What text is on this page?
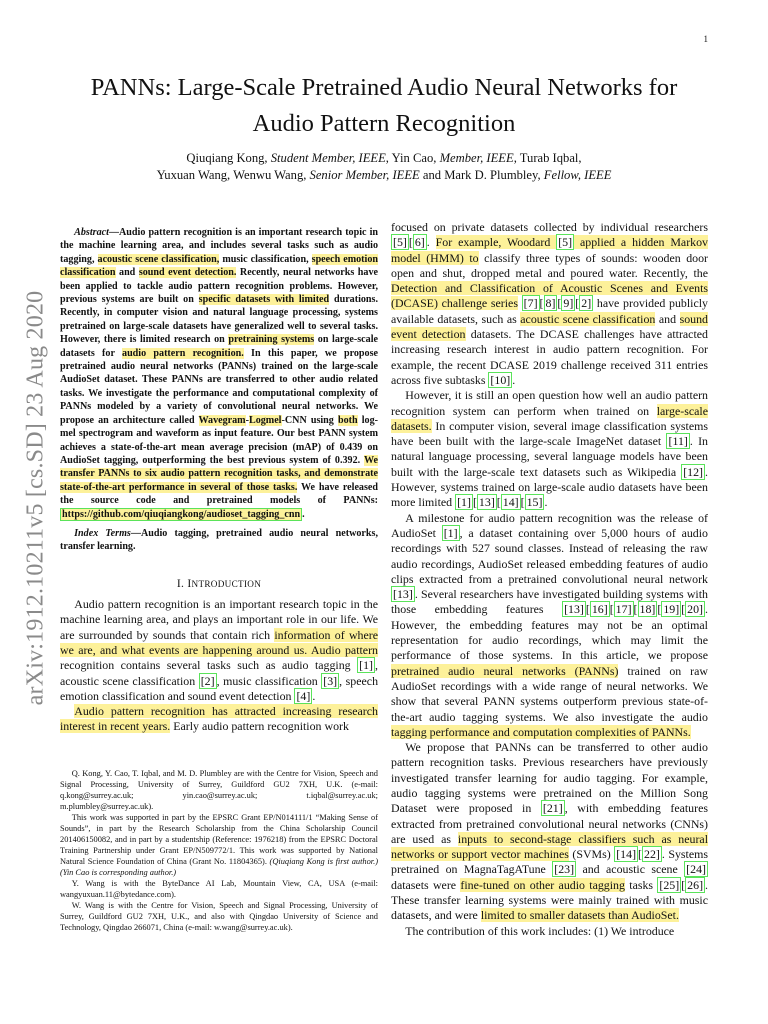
1
arXiv:1912.10211v5 [cs.SD] 23 Aug 2020
PANNs: Large-Scale Pretrained Audio Neural Networks for Audio Pattern Recognition
Qiuqiang Kong, Student Member, IEEE, Yin Cao, Member, IEEE, Turab Iqbal,
Yuxuan Wang, Wenwu Wang, Senior Member, IEEE and Mark D. Plumbley, Fellow, IEEE
Abstract—Audio pattern recognition is an important research topic in the machine learning area, and includes several tasks such as audio tagging, acoustic scene classification, music classification, speech emotion classification and sound event detection. Recently, neural networks have been applied to tackle audio pattern recognition problems. However, previous systems are built on specific datasets with limited durations. Recently, in computer vision and natural language processing, systems pretrained on large-scale datasets have generalized well to several tasks. However, there is limited research on pretraining systems on large-scale datasets for audio pattern recognition. In this paper, we propose pretrained audio neural networks (PANNs) trained on the large-scale AudioSet dataset. These PANNs are transferred to other audio related tasks. We investigate the performance and computational complexity of PANNs modeled by a variety of convolutional neural networks. We propose an architecture called Wavegram-Logmel-CNN using both log-mel spectrogram and waveform as input feature. Our best PANN system achieves a state-of-the-art mean average precision (mAP) of 0.439 on AudioSet tagging, outperforming the best previous system of 0.392. We transfer PANNs to six audio pattern recognition tasks, and demonstrate state-of-the-art performance in several of those tasks. We have released the source code and pretrained models of PANNs: https://github.com/qiuqiangkong/audioset_tagging_cnn .
Index Terms—Audio tagging, pretrained audio neural networks, transfer learning.
I. INTRODUCTION

Audio pattern recognition is an important research topic in the machine learning area, and plays an important role in our life. We are surrounded by sounds that contain rich information of where we are, and what events are happening around us. Audio pattern recognition contains several tasks such as audio tagging [1] , acoustic scene classification [2] , music classification [3] , speech emotion classification and sound event detection [4] .

Audio pattern recognition has attracted increasing research interest in recent years. Early audio pattern recognition work

Q. Kong, Y. Cao, T. Iqbal, and M. D. Plumbley are with the Centre for Vision, Speech and Signal Processing, University of Surrey, Guildford GU2 7XH, U.K. (e-mail: q.kong@surrey.ac.uk; yin.cao@surrey.ac.uk; t.iqbal@surrey.ac.uk; m.plumbley@surrey.ac.uk).

This work was supported in part by the EPSRC Grant EP/N014111/1 “Making Sense of Sounds”, in part by the Research Scholarship from the China Scholarship Council 201406150082, and in part by a studentship (Reference: 1976218) from the EPSRC Doctoral Training Partnership under Grant EP/N509772/1. This work was supported by National Natural Science Foundation of China (Grant No. 11804365). (Qiuqiang Kong is first author.) (Yin Cao is corresponding author.)

Y. Wang is with the ByteDance AI Lab, Mountain View, CA, USA (e-mail: wangyuxuan.11@bytedance.com).

W. Wang is with the Centre for Vision, Speech and Signal Processing, University of Surrey, Guildford GU2 7XH, U.K., and also with Qingdao University of Science and Technology, Qingdao 266071, China (e-mail: w.wang@surrey.ac.uk).

focused on private datasets collected by individual researchers [5] [ 6] . For example, Woodard [5] applied a hidden Markov model (HMM) to classify three types of sounds: wooden door open and shut, dropped metal and poured water. Recently, the Detection and Classification of Acoustic Scenes and Events (DCASE) challenge series [7] [ 8] [ 9] [ 2] have provided publicly available datasets, such as acoustic scene classification and sound event detection datasets. The DCASE challenges have attracted increasing research interest in audio pattern recognition. For example, the recent DCASE 2019 challenge received 311 entries across five subtasks [10] .

However, it is still an open question how well an audio pattern recognition system can perform when trained on large-scale datasets. In computer vision, several image classification systems have been built with the large-scale ImageNet dataset [11] . In natural language processing, several language models have been built with the large-scale text datasets such as Wikipedia [12] . However, systems trained on large-scale audio datasets have been more limited [1] [ 13] [ 14] [ 15] .

A milestone for audio pattern recognition was the release of AudioSet [1] , a dataset containing over 5,000 hours of audio recordings with 527 sound classes. Instead of releasing the raw audio recordings, AudioSet released embedding features of audio clips extracted from a pretrained convolutional neural network [13] . Several researchers have investigated building systems with those embedding features [13] [ 16] [ 17] [ 18] [ 19] [ 20] . However, the embedding features may not be an optimal representation for audio recordings, which may limit the performance of those systems. In this article, we propose pretrained audio neural networks (PANNs) trained on raw AudioSet recordings with a wide range of neural networks. We show that several PANN systems outperform previous state-of-the-art audio tagging systems. We also investigate the audio tagging performance and computation complexities of PANNs.

We propose that PANNs can be transferred to other audio pattern recognition tasks. Previous researchers have previously investigated transfer learning for audio tagging. For example, audio tagging systems were pretrained on the Million Song Dataset were proposed in [21] , with embedding features extracted from pretrained convolutional neural networks (CNNs) are used as inputs to second-stage classifiers such as neural networks or support vector machines (SVMs) [14] [ 22] . Systems pretrained on MagnaTagATune [23] and acoustic scene [24] datasets were fine-tuned on other audio tagging tasks [25] [ 26] . These transfer learning systems were mainly trained with music datasets, and were limited to smaller datasets than AudioSet.

The contribution of this work includes: (1) We introduce
